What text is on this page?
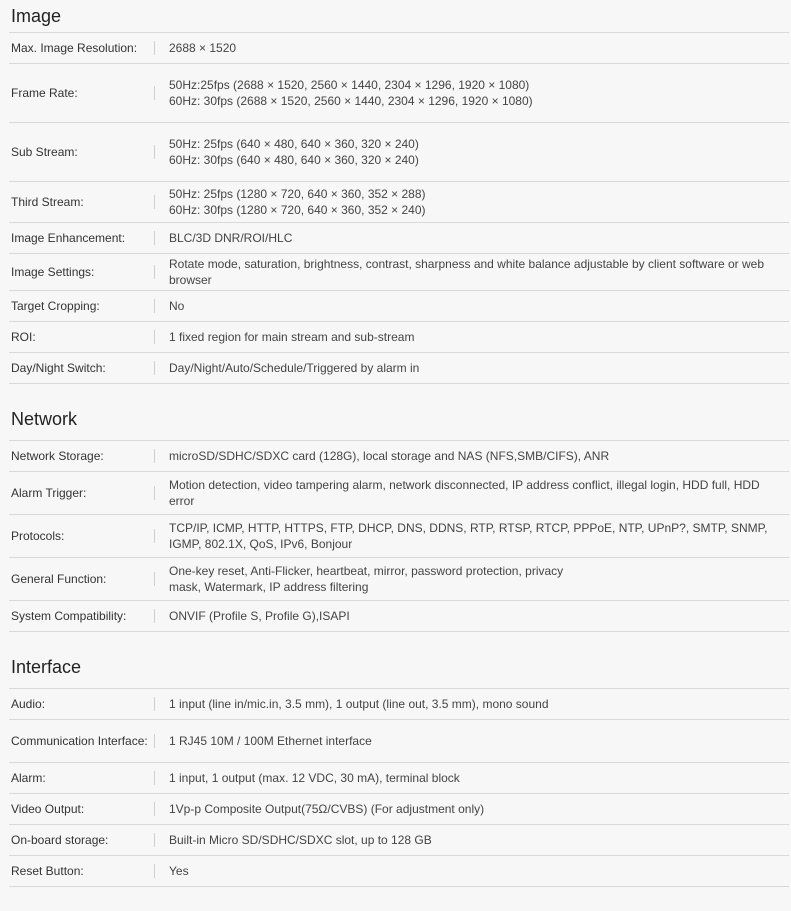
Image
Max. Image Resolution:	2688 × 1520
Frame Rate:
50Hz:25fps (2688 × 1520, 2560 × 1440, 2304 × 1296, 1920 × 1080)
60Hz: 30fps (2688 × 1520, 2560 × 1440, 2304 × 1296, 1920 × 1080)
Sub Stream:
50Hz: 25fps (640 × 480, 640 × 360, 320 × 240)
60Hz: 30fps (640 × 480, 640 × 360, 320 × 240)
Third Stream:
50Hz: 25fps (1280 × 720, 640 × 360, 352 × 288)
60Hz: 30fps (1280 × 720, 640 × 360, 352 × 240)
Image Enhancement:	BLC/3D DNR/ROI/HLC
Image Settings:
Rotate mode, saturation, brightness, contrast, sharpness and white balance adjustable by client software or web browser
Target Cropping:	No
ROI:	1 fixed region for main stream and sub-stream
Day/Night Switch:	Day/Night/Auto/Schedule/Triggered by alarm in
Network
Network Storage:	microSD/SDHC/SDXC card (128G), local storage and NAS (NFS,SMB/CIFS), ANR
Alarm Trigger:
Motion detection, video tampering alarm, network disconnected, IP address conflict, illegal login, HDD full, HDD error
Protocols:
TCP/IP, ICMP, HTTP, HTTPS, FTP, DHCP, DNS, DDNS, RTP, RTSP, RTCP, PPPoE, NTP, UPnP?, SMTP, SNMP, IGMP, 802.1X, QoS, IPv6, Bonjour
General Function:
One-key reset, Anti-Flicker, heartbeat, mirror, password protection, privacy
mask, Watermark, IP address filtering
System Compatibility:	ONVIF (Profile S, Profile G),ISAPI
Interface
Audio:	1 input (line in/mic.in, 3.5 mm), 1 output (line out, 3.5 mm), mono sound
Communication Interface:	1 RJ45 10M / 100M Ethernet interface
Alarm:	1 input, 1 output (max. 12 VDC, 30 mA), terminal block
Video Output:	1Vp-p Composite Output(75Ω/CVBS) (For adjustment only)
On-board storage:	Built-in Micro SD/SDHC/SDXC slot, up to 128 GB
Reset Button:	Yes
